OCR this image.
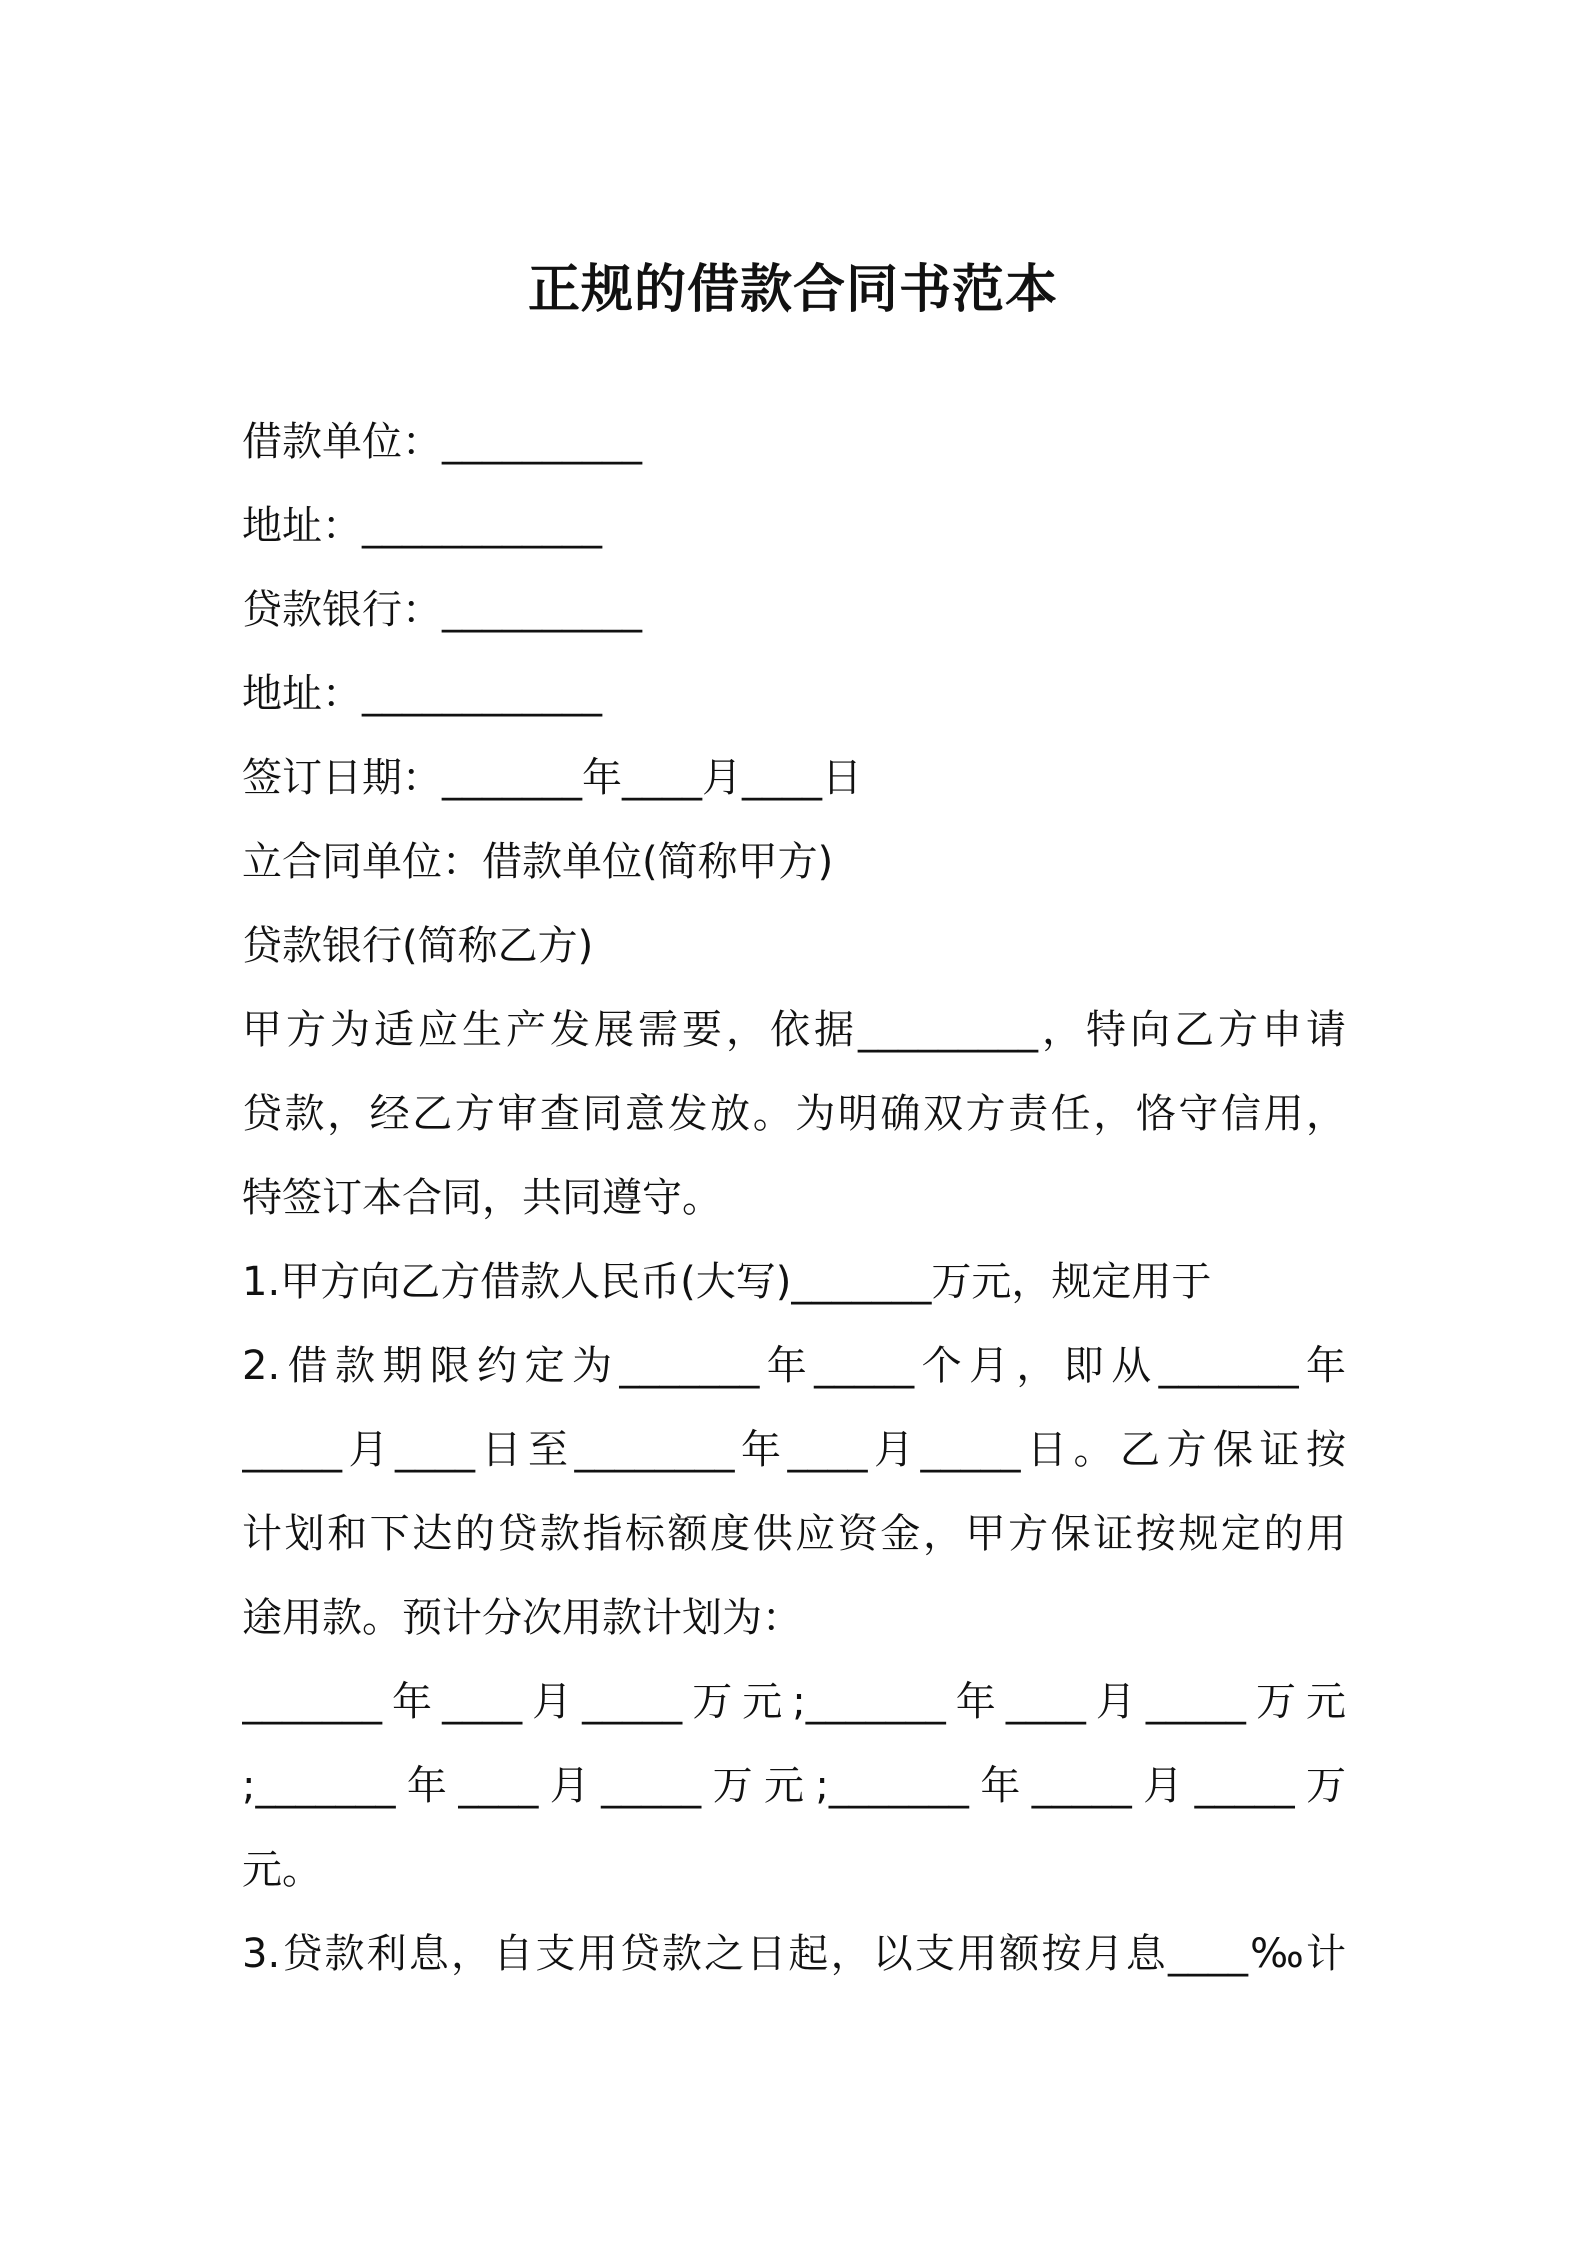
正规的借款合同书范本
借款单位：__________
地址：____________
贷款银行：__________
地址：____________
签订日期：_______年____月____日
立合同单位：借款单位(简称甲方)
贷款银行(简称乙方)
甲方为适应生产发展需要，依据_________，特向乙方申请
贷款，经乙方审查同意发放。为明确双方责任，恪守信用，
特签订本合同，共同遵守。
1.甲方向乙方借款人民币(大写)_______万元，规定用于
2.借款期限约定为_______年_____个月，即从_______年
_____月____日至________年____月_____日。乙方保证按
计划和下达的贷款指标额度供应资金，甲方保证按规定的用
途用款。预计分次用款计划为：
_______年____月_____万元;_______年____月_____万元
;_______年____月_____万元;_______年_____月_____万
元。
3.贷款利息，自支用贷款之日起，以支用额按月息____‰计
